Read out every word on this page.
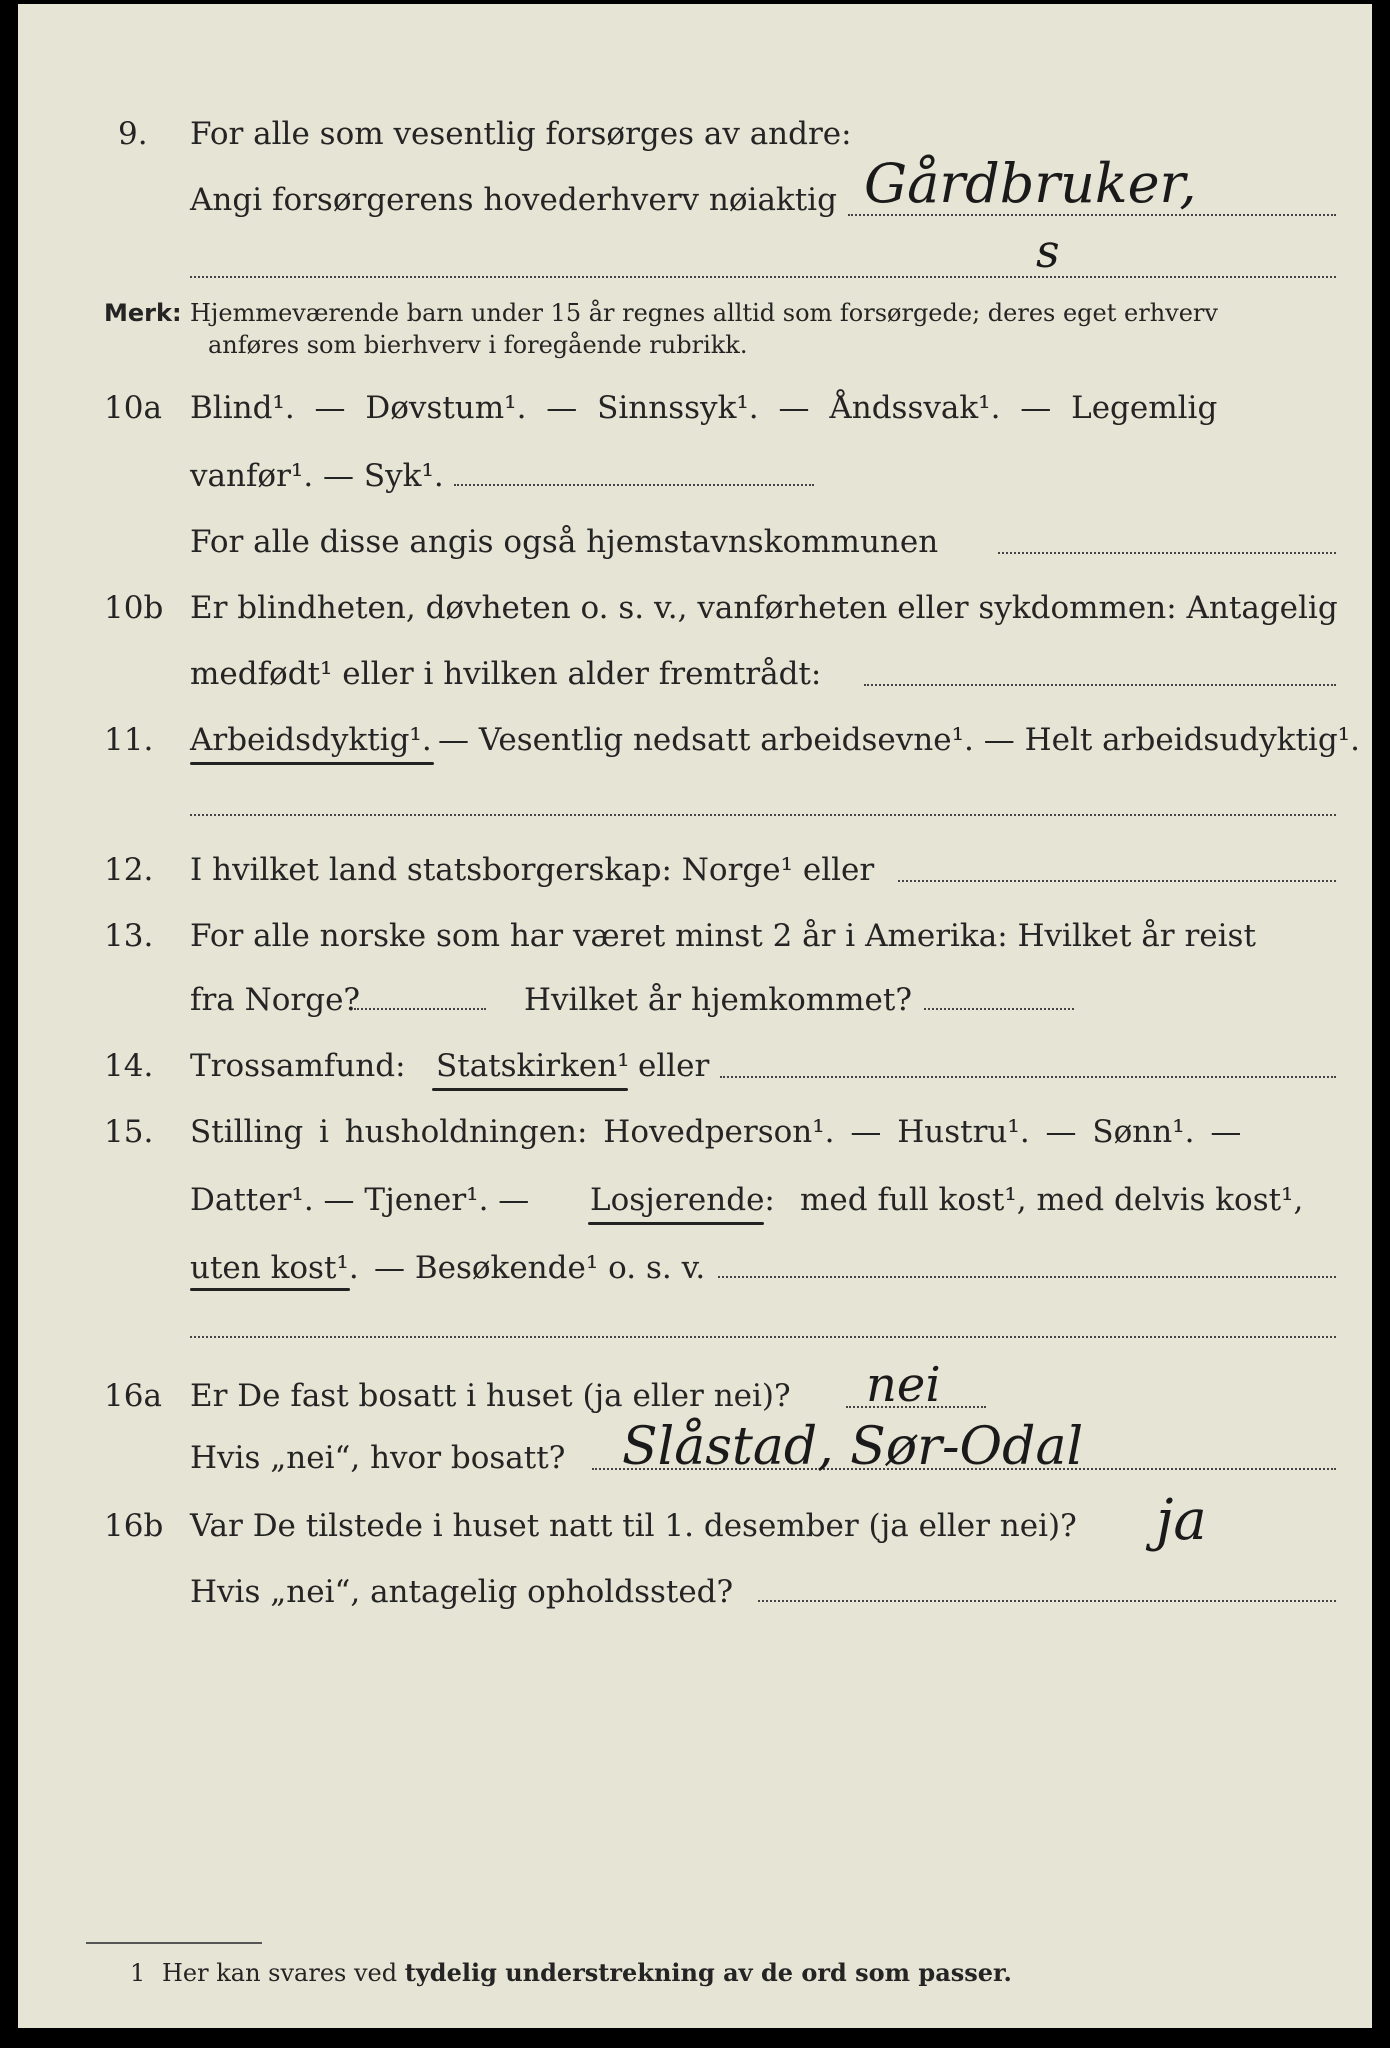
9. For alle som vesentlig forsørges av andre:
Angi forsørgerens hovederhverv nøiaktig Gårdbruker,
s
Merk: Hjemmeværende barn under 15 år regnes alltid som forsørgede; deres eget erhverv
anføres som bierhverv i foregående rubrikk.
10a Blind¹. — Døvstum¹. — Sinnssyk¹. — Åndssvak¹. — Legemlig
vanfør¹. — Syk¹.
For alle disse angis også hjemstavnskommunen
10b Er blindheten, døvheten o. s. v., vanførheten eller sykdommen: Antagelig
medfødt¹ eller i hvilken alder fremtrådt:
11. Arbeidsdyktig¹. — Vesentlig nedsatt arbeidsevne¹. — Helt arbeidsudyktig¹.
12. I hvilket land statsborgerskap: Norge¹ eller
13. For alle norske som har været minst 2 år i Amerika: Hvilket år reist
fra Norge?	Hvilket år hjemkommet?
14. Trossamfund: Statskirken¹ eller
15. Stilling i husholdningen: Hovedperson¹. — Hustru¹. — Sønn¹. —
Datter¹. — Tjener¹. — Losjerende: med full kost¹, med delvis kost¹,
uten kost¹. — Besøkende¹ o. s. v.
16a Er De fast bosatt i huset (ja eller nei)? nei
Hvis „nei“, hvor bosatt? Slåstad, Sør-Odal
16b Var De tilstede i huset natt til 1. desember (ja eller nei)? ja
Hvis „nei“, antagelig opholdssted?
1 Her kan svares ved tydelig understrekning av de ord som passer.
